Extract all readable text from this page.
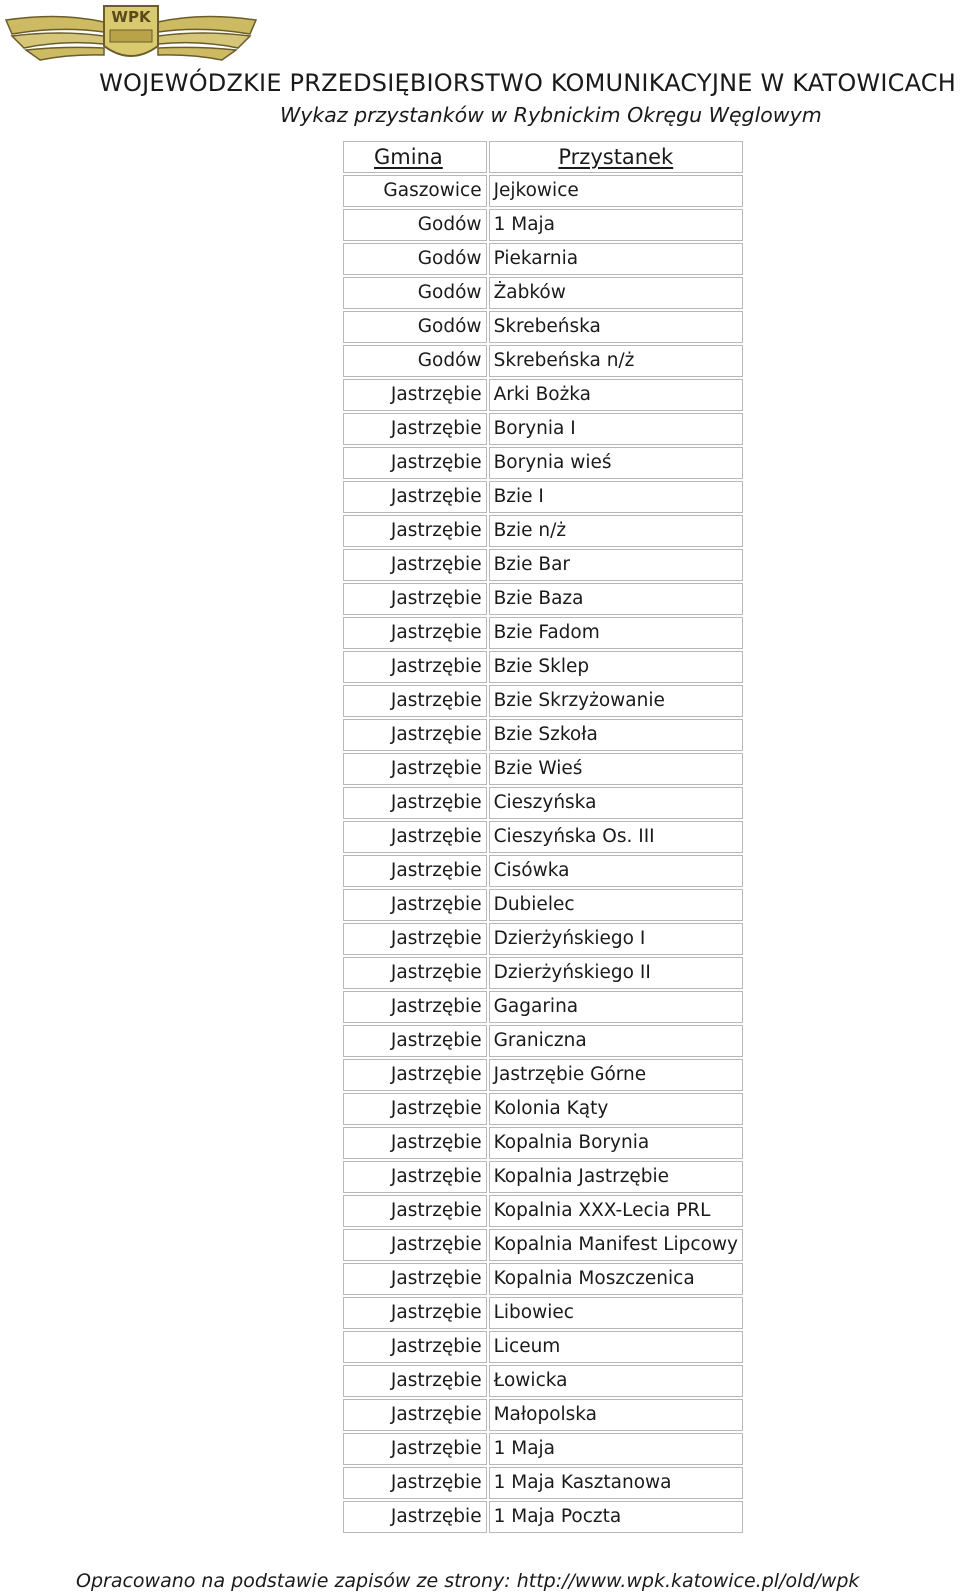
WPK
WOJEWÓDZKIE PRZEDSIĘBIORSTWO KOMUNIKACYJNE W KATOWICACH
Wykaz przystanków w Rybnickim Okręgu Węglowym
Gmina	Przystanek
Gaszowice	Jejkowice
Godów	1 Maja
Godów	Piekarnia
Godów	Żabków
Godów	Skrebeńska
Godów	Skrebeńska n/ż
Jastrzębie	Arki Bożka
Jastrzębie	Borynia I
Jastrzębie	Borynia wieś
Jastrzębie	Bzie I
Jastrzębie	Bzie n/ż
Jastrzębie	Bzie Bar
Jastrzębie	Bzie Baza
Jastrzębie	Bzie Fadom
Jastrzębie	Bzie Sklep
Jastrzębie	Bzie Skrzyżowanie
Jastrzębie	Bzie Szkoła
Jastrzębie	Bzie Wieś
Jastrzębie	Cieszyńska
Jastrzębie	Cieszyńska Os. III
Jastrzębie	Cisówka
Jastrzębie	Dubielec
Jastrzębie	Dzierżyńskiego I
Jastrzębie	Dzierżyńskiego II
Jastrzębie	Gagarina
Jastrzębie	Graniczna
Jastrzębie	Jastrzębie Górne
Jastrzębie	Kolonia Kąty
Jastrzębie	Kopalnia Borynia
Jastrzębie	Kopalnia Jastrzębie
Jastrzębie	Kopalnia XXX-Lecia PRL
Jastrzębie	Kopalnia Manifest Lipcowy
Jastrzębie	Kopalnia Moszczenica
Jastrzębie	Libowiec
Jastrzębie	Liceum
Jastrzębie	Łowicka
Jastrzębie	Małopolska
Jastrzębie	1 Maja
Jastrzębie	1 Maja Kasztanowa
Jastrzębie	1 Maja Poczta
Opracowano na podstawie zapisów ze strony: http://www.wpk.katowice.pl/old/wpk
